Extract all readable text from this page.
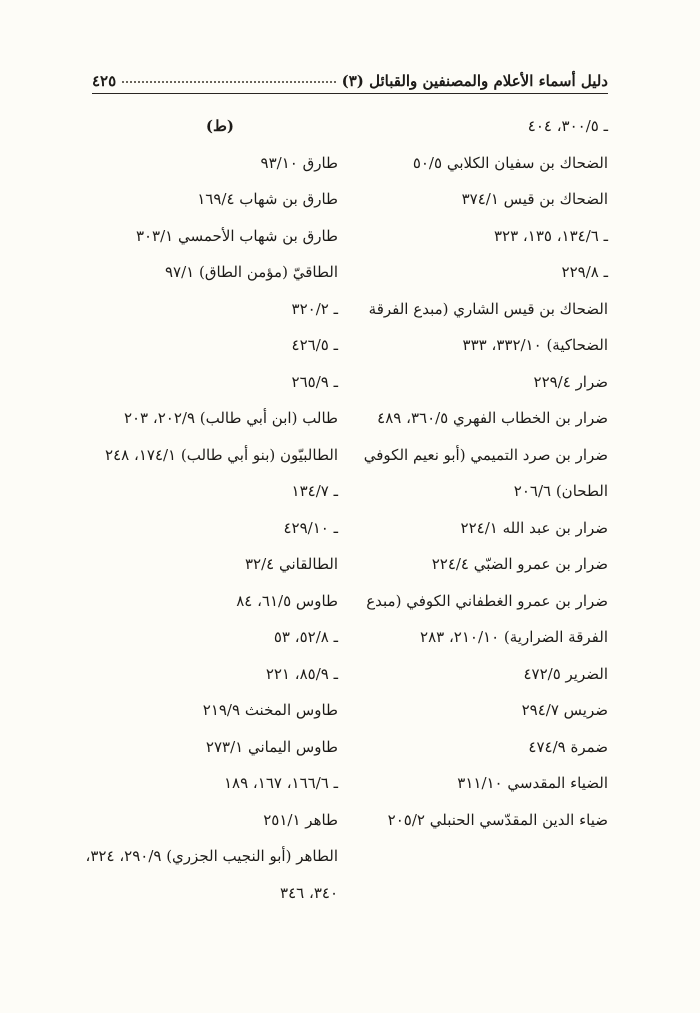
دليل أسماء الأعلام والمصنفين والقبائل (٣)
٤٢٥
ـ ٣٠٠/٥، ٤٠٤
الضحاك بن سفيان الكلابي ٥٠/٥
الضحاك بن قيس ٣٧٤/١
ـ ١٣٤/٦، ١٣٥، ٣٢٣
ـ ٢٢٩/٨
الضحاك بن قيس الشاري (مبدع الفرقة
الضحاكية) ٣٣٢/١٠، ٣٣٣
ضرار ٢٢٩/٤
ضرار بن الخطاب الفهري ٣٦٠/٥، ٤٨٩
ضرار بن صرد التميمي (أبو نعيم الكوفي
الطحان) ٢٠٦/٦
ضرار بن عبد الله ٢٢٤/١
ضرار بن عمرو الضبّي ٢٢٤/٤
ضرار بن عمرو الغطفاني الكوفي (مبدع
الفرقة الضرارية) ٢١٠/١٠، ٢٨٣
الضرير ٤٧٢/٥
ضريس ٢٩٤/٧
ضمرة ٤٧٤/٩
الضياء المقدسي ٣١١/١٠
ضياء الدين المقدّسي الحنبلي ٢٠٥/٢
(ط)
طارق ٩٣/١٠
طارق بن شهاب ١٦٩/٤
طارق بن شهاب الأحمسي ٣٠٣/١
الطاقيّ (مؤمن الطاق) ٩٧/١
ـ ٣٢٠/٢
ـ ٤٢٦/٥
ـ ٢٦٥/٩
طالب (ابن أبي طالب) ٢٠٢/٩، ٢٠٣
الطالبيّون (بنو أبي طالب) ١٧٤/١، ٢٤٨
ـ ١٣٤/٧
ـ ٤٢٩/١٠
الطالقاني ٣٢/٤
طاوس ٦١/٥، ٨٤
ـ ٥٢/٨، ٥٣
ـ ٨٥/٩، ٢٢١
طاوس المخنث ٢١٩/٩
طاوس اليماني ٢٧٣/١
ـ ١٦٦/٦، ١٦٧، ١٨٩
طاهر ٢٥١/١
الطاهر (أبو النجيب الجزري) ٢٩٠/٩، ٣٢٤،
٣٤٠، ٣٤٦
